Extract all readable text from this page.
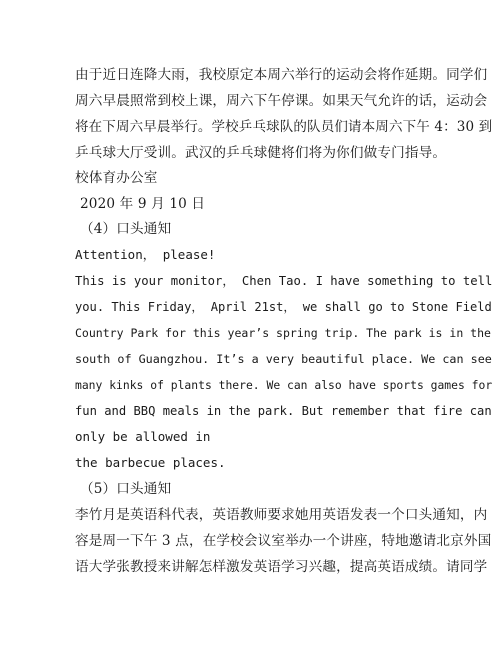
由于近日连降大雨，我校原定本周六举行的运动会将作延期。同学们
周六早晨照常到校上课，周六下午停课。如果天气允许的话，运动会
将在下周六早晨举行。学校乒乓球队的队员们请本周六下午 4：30 到
乒乓球大厅受训。武汉的乒乓球健将们将为你们做专门指导。
校体育办公室
2020 年 9 月 10 日
（4）口头通知
Attention， please!
This is your monitor， Chen Tao. I have something to tell
you. This Friday， April 21st， we shall go to Stone Field
Country Park for this year’s spring trip. The park is in the
south of Guangzhou. It’s a very beautiful place. We can see
many kinks of plants there. We can also have sports games for
fun and BBQ meals in the park. But remember that fire can
only be allowed in
the barbecue places.
（5）口头通知
李竹月是英语科代表，英语教师要求她用英语发表一个口头通知，内
容是周一下午 3 点，在学校会议室举办一个讲座，特地邀请北京外国
语大学张教授来讲解怎样激发英语学习兴趣，提高英语成绩。请同学
